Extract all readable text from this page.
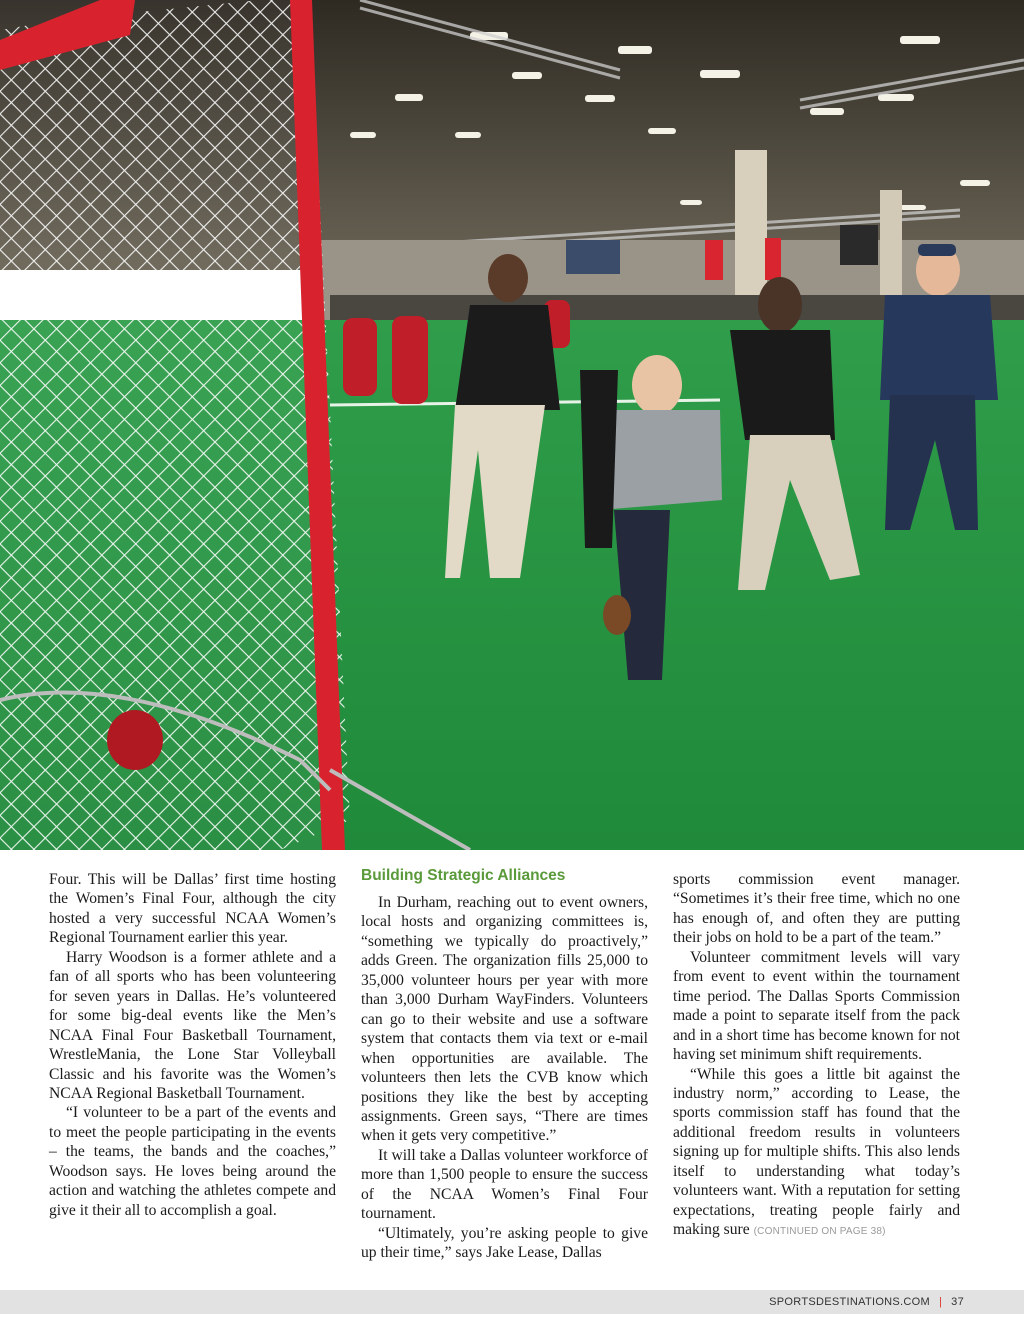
Four. This will be Dallas’ first time hosting the Women’s Final Four, although the city hosted a very successful NCAA Women’s Regional Tournament earlier this year.

Harry Woodson is a former athlete and a fan of all sports who has been volunteering for seven years in Dallas. He’s volunteered for some big-deal events like the Men’s NCAA Final Four Basketball Tournament, WrestleMania, the Lone Star Volleyball Classic and his favorite was the Women’s NCAA Regional Basketball Tournament.

“I volunteer to be a part of the events and to meet the people participating in the events – the teams, the bands and the coaches,” Woodson says. He loves being around the action and watching the athletes compete and give it their all to accomplish a goal.

Building Strategic Alliances

In Durham, reaching out to event owners, local hosts and organizing committees is, “something we typically do proactively,” adds Green. The organization fills 25,000 to 35,000 volunteer hours per year with more than 3,000 Durham WayFinders. Volunteers can go to their website and use a software system that contacts them via text or e-mail when opportunities are available. The volunteers then lets the CVB know which positions they like the best by accepting assignments. Green says, “There are times when it gets very competitive.”

It will take a Dallas volunteer workforce of more than 1,500 people to ensure the success of the NCAA Women’s Final Four tournament.

“Ultimately, you’re asking people to give up their time,” says Jake Lease, Dallas

sports commission event manager. “Sometimes it’s their free time, which no one has enough of, and often they are putting their jobs on hold to be a part of the team.”

Volunteer commitment levels will vary from event to event within the tournament time period. The Dallas Sports Commission made a point to separate itself from the pack and in a short time has become known for not having set minimum shift requirements.

“While this goes a little bit against the industry norm,” according to Lease, the sports commission staff has found that the additional freedom results in volunteers signing up for multiple shifts. This also lends itself to understanding what today’s volunteers want. With a reputation for setting expectations, treating people fairly and making sure (CONTINUED ON PAGE 38)

SPORTSDESTINATIONS.COM | 37
